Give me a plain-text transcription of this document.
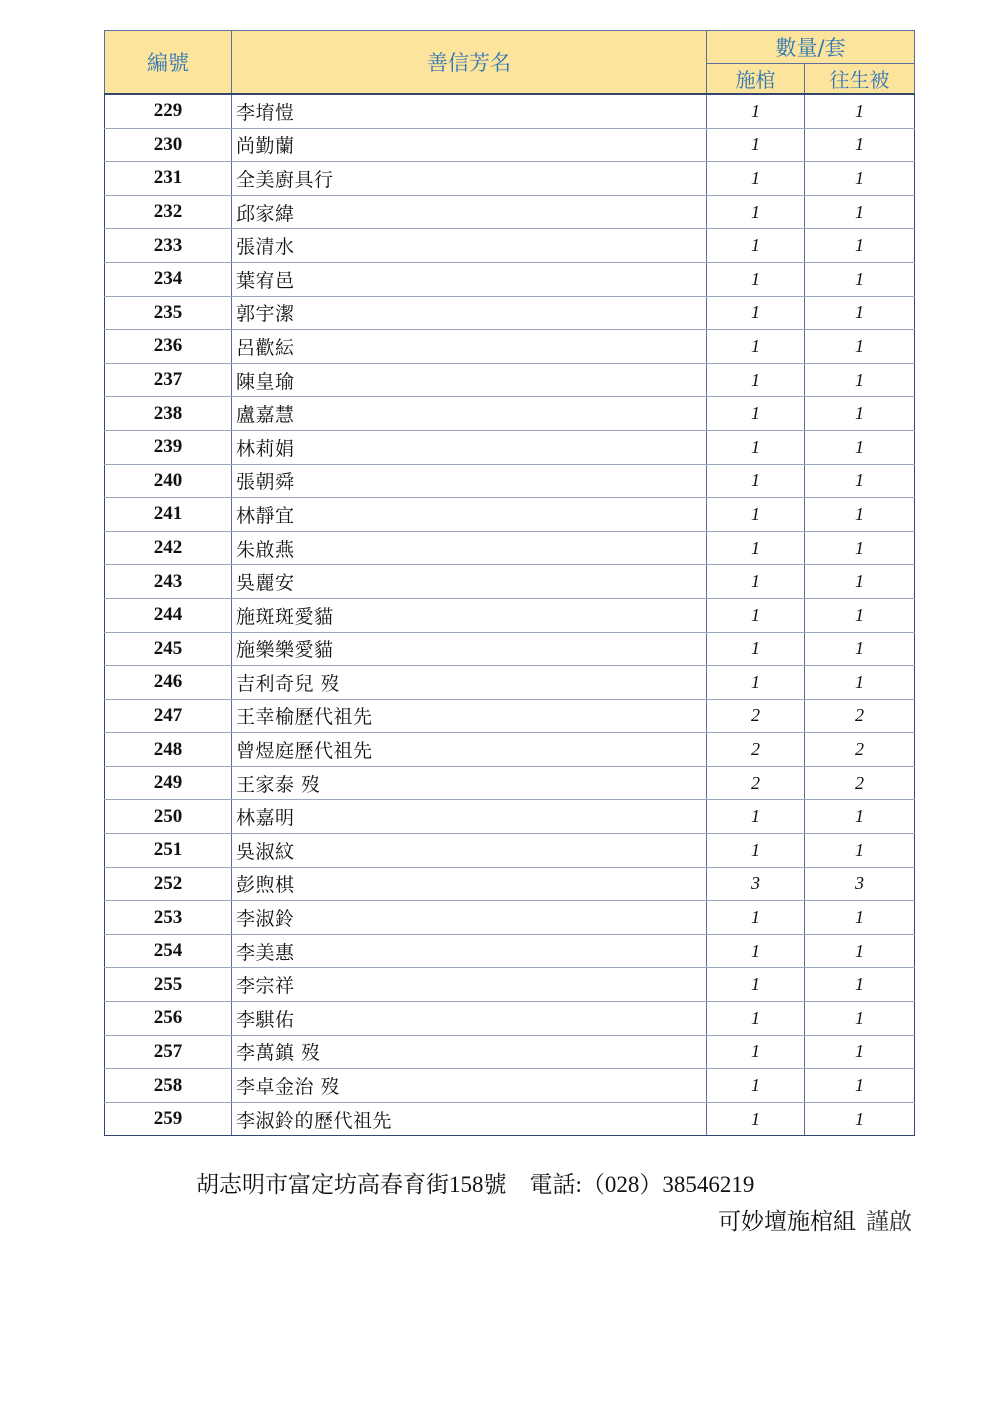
編號	善信芳名	數量/套	
		施棺	往生被
229	李堉愷	1	1
230	尚勤蘭	1	1
231	全美廚具行	1	1
232	邱家緯	1	1
233	張清水	1	1
234	葉宥邑	1	1
235	郭宇潔	1	1
236	呂歡紜	1	1
237	陳皇瑜	1	1
238	盧嘉慧	1	1
239	林莉娟	1	1
240	張朝舜	1	1
241	林靜宜	1	1
242	朱啟燕	1	1
243	吳麗安	1	1
244	施斑斑愛貓	1	1
245	施樂樂愛貓	1	1
246	吉利奇兒 歿	1	1
247	王幸榆歷代祖先	2	2
248	曾煜庭歷代祖先	2	2
249	王家泰 歿	2	2
250	林嘉明	1	1
251	吳淑紋	1	1
252	彭煦棋	3	3
253	李淑鈴	1	1
254	李美惠	1	1
255	李宗祥	1	1
256	李騏佑	1	1
257	李萬鎮 歿	1	1
258	李卓金治 歿	1	1
259	李淑鈴的歷代祖先	1	1
胡志明市富定坊高春育街158號 電話:（028）38546219
可妙壇施棺組 謹啟
